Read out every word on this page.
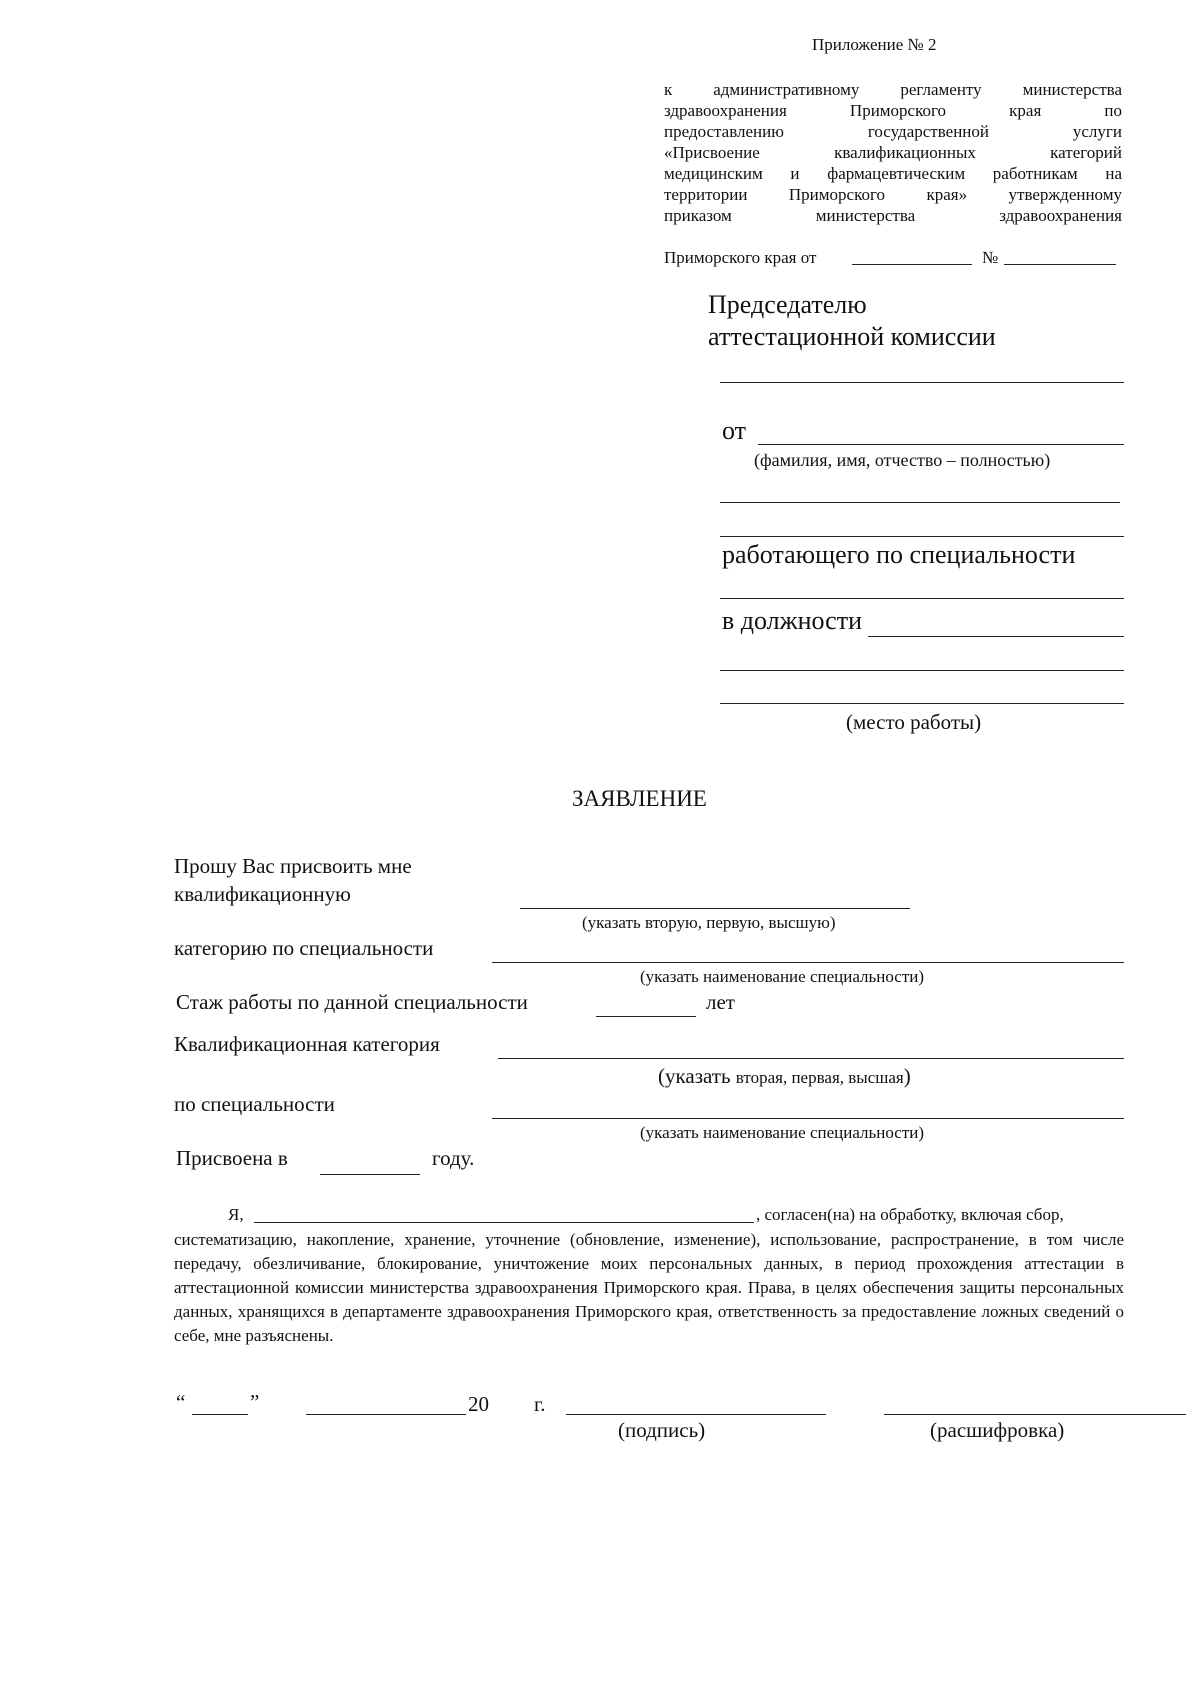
Приложение № 2
к административному регламенту министерства
здравоохранения Приморского края по
предоставлению государственной услуги
«Присвоение квалификационных категорий
медицинским и фармацевтическим работникам на
территории Приморского края» утвержденному
приказом министерства здравоохранения
Приморского края от	№
Председателю
аттестационной комиссии
от
(фамилия, имя, отчество – полностью)
работающего по специальности
в должности
(место работы)
ЗАЯВЛЕНИЕ
Прошу Вас присвоить мне
квалификационную
(указать вторую, первую, высшую)
категорию по специальности
(указать наименование специальности)
Стаж работы по данной специальности	лет
Квалификационная категория
(указать вторая, первая, высшая)
по специальности
(указать наименование специальности)
Присвоена в	году.
Я,	, согласен(на) на обработку, включая сбор,
систематизацию, накопление, хранение, уточнение (обновление, изменение), использование, распространение, в том числе передачу, обезличивание, блокирование, уничтожение моих персональных данных, в период прохождения аттестации в аттестационной комиссии министерства здравоохранения Приморского края. Права, в целях обеспечения защиты персональных данных, хранящихся в департаменте здравоохранения Приморского края, ответственность за предоставление ложных сведений о себе, мне разъяснены.
“	”	20 г.
(подпись)	(расшифровка)
